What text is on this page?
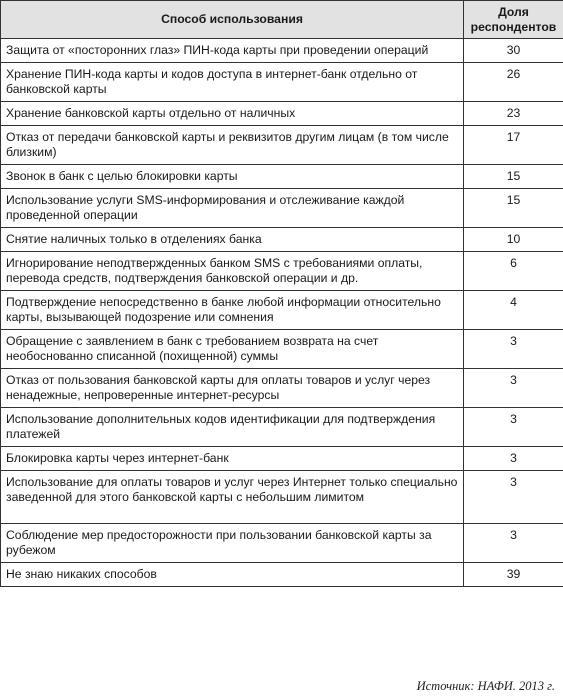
Способ использования	Доля респондентов
Защита от «посторонних глаз» ПИН-кода карты при проведении операций	30
Хранение ПИН-кода карты и кодов доступа в интернет-банк отдельно от банковской карты	26
Хранение банковской карты отдельно от наличных	23
Отказ от передачи банковской карты и реквизитов другим лицам (в том числе близким)	17
Звонок в банк с целью блокировки карты	15
Использование услуги SMS-информирования и отслеживание каждой проведенной операции	15
Снятие наличных только в отделениях банка	10
Игнорирование неподтвержденных банком SMS с требованиями оплаты, перевода средств, подтверждения банковской операции и др.	6
Подтверждение непосредственно в банке любой информации относительно карты, вызывающей подозрение или сомнения	4
Обращение с заявлением в банк с требованием возврата на счет необоснованно списанной (похищенной) суммы	3
Отказ от пользования банковской карты для оплаты товаров и услуг через ненадежные, непроверенные интернет-ресурсы	3
Использование дополнительных кодов идентификации для подтверждения платежей	3
Блокировка карты через интернет-банк	3
Использование для оплаты товаров и услуг через Интернет только специально заведенной для этого банковской карты с небольшим лимитом	3
Соблюдение мер предосторожности при пользовании банковской карты за рубежом	3
Не знаю никаких способов	39
Источник: НАФИ. 2013 г.
